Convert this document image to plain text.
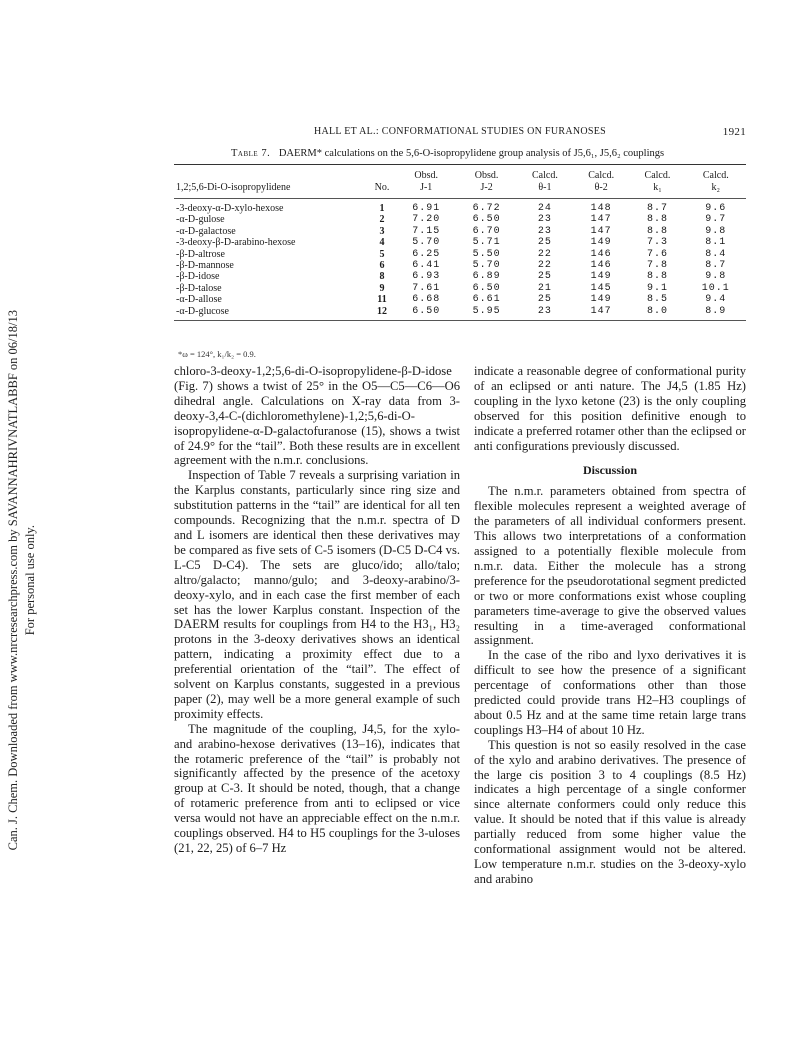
Can. J. Chem. Downloaded from www.nrcresearchpress.com by SAVANNAHRIVNATLABBF on 06/18/13 For personal use only.
HALL ET AL.: CONFORMATIONAL STUDIES ON FURANOSES	1921
Table 7. DAERM* calculations on the 5,6-O-isopropylidene group analysis of J5,6₁, J5,6₂ couplings
		Obsd.	Obsd.	Calcd.	Calcd.	Calcd.	Calcd.
1,2;5,6-Di-O-isopropylidene	No.	J-1	J-2	θ-1	θ-2	k₁	k₂
-3-deoxy-α-D-xylo-hexose	1	6.91	6.72	24	148	8.7	9.6
-α-D-gulose	2	7.20	6.50	23	147	8.8	9.7
-α-D-galactose	3	7.15	6.70	23	147	8.8	9.8
-3-deoxy-β-D-arabino-hexose	4	5.70	5.71	25	149	7.3	8.1
-β-D-altrose	5	6.25	5.50	22	146	7.6	8.4
-β-D-mannose	6	6.41	5.70	22	146	7.8	8.7
-β-D-idose	8	6.93	6.89	25	149	8.8	9.8
-β-D-talose	9	7.61	6.50	21	145	9.1	10.1
-α-D-allose	11	6.68	6.61	25	149	8.5	9.4
-α-D-glucose	12	6.50	5.95	23	147	8.0	8.9
*ω = 124°, k₁/k₂ = 0.9.

chloro-3-deoxy-1,2;5,6-di-O-isopropylidene-β-D-idose (Fig. 7) shows a twist of 25° in the O5—C5—C6—O6 dihedral angle. Calculations on X-ray data from 3-deoxy-3,4-C-(dichloromethylene)-1,2;5,6-di-O-isopropylidene-α-D-galactofuranose (15), shows a twist of 24.9° for the “tail”. Both these results are in excellent agreement with the n.m.r. conclusions.

Inspection of Table 7 reveals a surprising variation in the Karplus constants, particularly since ring size and substitution patterns in the “tail” are identical for all ten compounds. Recognizing that the n.m.r. spectra of D and L isomers are identical then these derivatives may be compared as five sets of C-5 isomers (D-C5 D-C4 vs. L-C5 D-C4). The sets are gluco/ido; allo/talo; altro/galacto; manno/gulo; and 3-deoxy-arabino/3-deoxy-xylo, and in each case the first member of each set has the lower Karplus constant. Inspection of the DAERM results for couplings from H4 to the H3₁, H3₂ protons in the 3-deoxy derivatives shows an identical pattern, indicating a proximity effect due to a preferential orientation of the “tail”. The effect of solvent on Karplus constants, suggested in a previous paper (2), may well be a more general example of such proximity effects.

The magnitude of the coupling, J4,5, for the xylo- and arabino-hexose derivatives (13–16), indicates that the rotameric preference of the “tail” is probably not significantly affected by the presence of the acetoxy group at C-3. It should be noted, though, that a change of rotameric preference from anti to eclipsed or vice versa would not have an appreciable effect on the n.m.r. couplings observed. H4 to H5 couplings for the 3-uloses (21, 22, 25) of 6–7 Hz

indicate a reasonable degree of conformational purity of an eclipsed or anti nature. The J4,5 (1.85 Hz) coupling in the lyxo ketone (23) is the only coupling observed for this position definitive enough to indicate a preferred rotamer other than the eclipsed or anti configurations previously discussed.

Discussion

The n.m.r. parameters obtained from spectra of flexible molecules represent a weighted average of the parameters of all individual conformers present. This allows two interpretations of a conformation assigned to a potentially flexible molecule from n.m.r. data. Either the molecule has a strong preference for the pseudorotational segment predicted or two or more conformations exist whose coupling parameters time-average to give the observed values resulting in a time-averaged conformational assignment.

In the case of the ribo and lyxo derivatives it is difficult to see how the presence of a significant percentage of conformations other than those predicted could provide trans H2–H3 couplings of about 0.5 Hz and at the same time retain large trans couplings H3–H4 of about 10 Hz.

This question is not so easily resolved in the case of the xylo and arabino derivatives. The presence of the large cis position 3 to 4 couplings (8.5 Hz) indicates a high percentage of a single conformer since alternate conformers could only reduce this value. It should be noted that if this value is already partially reduced from some higher value the conformational assignment would not be altered. Low temperature n.m.r. studies on the 3-deoxy-xylo and arabino
